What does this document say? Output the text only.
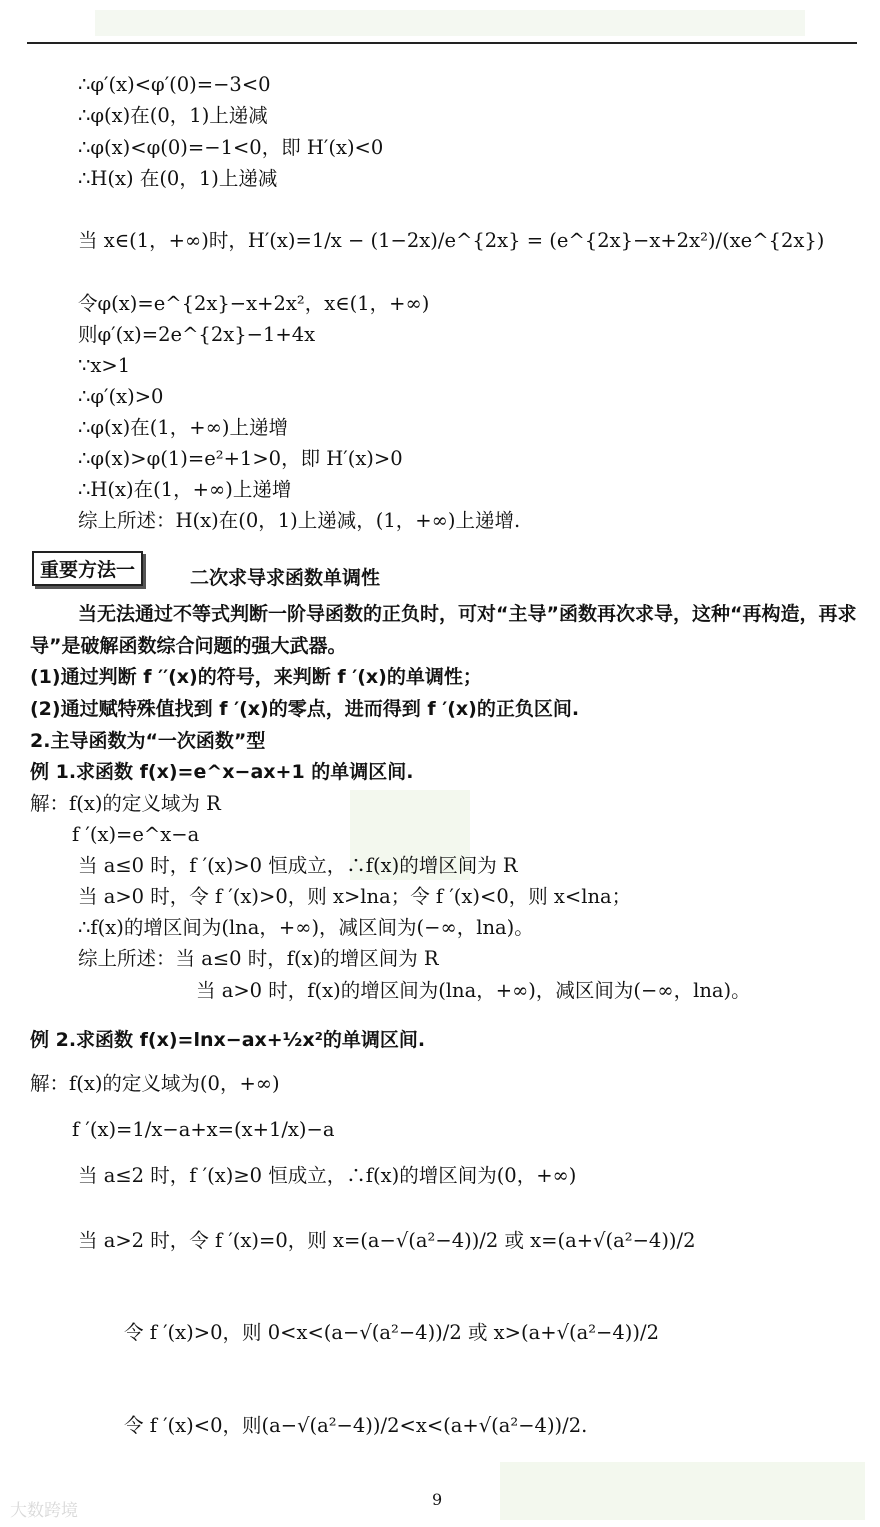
∴φ′(x)<φ′(0)=−3<0
∴φ(x)在(0，1)上递减
∴φ(x)<φ(0)=−1<0，即 H′(x)<0
∴H(x) 在(0，1)上递减
当 x∈(1，+∞)时，H′(x)=1/x − (1−2x)/e^{2x} = (e^{2x}−x+2x²)/(xe^{2x})
令φ(x)=e^{2x}−x+2x²，x∈(1，+∞)
则φ′(x)=2e^{2x}−1+4x
∵x>1
∴φ′(x)>0
∴φ(x)在(1，+∞)上递增
∴φ(x)>φ(1)=e²+1>0，即 H′(x)>0
∴H(x)在(1，+∞)上递增
综上所述：H(x)在(0，1)上递减，(1，+∞)上递增.
重要方法一	二次求导求函数单调性
当无法通过不等式判断一阶导函数的正负时，可对“主导”函数再次求导，这种“再构造，再求导”是破解函数综合问题的强大武器。
(1)通过判断 f ′′(x)的符号，来判断 f ′(x)的单调性；
(2)通过赋特殊值找到 f ′(x)的零点，进而得到 f ′(x)的正负区间.
2.主导函数为“一次函数”型
例 1.求函数 f(x)=e^x−ax+1 的单调区间.
解：f(x)的定义域为 R
f ′(x)=e^x−a
当 a≤0 时，f ′(x)>0 恒成立，∴f(x)的增区间为 R
当 a>0 时，令 f ′(x)>0，则 x>lna；令 f ′(x)<0，则 x<lna；
∴f(x)的增区间为(lna，+∞)，减区间为(−∞，lna)。
综上所述：当 a≤0 时，f(x)的增区间为 R
当 a>0 时，f(x)的增区间为(lna，+∞)，减区间为(−∞，lna)。
例 2.求函数 f(x)=lnx−ax+½x²的单调区间.
解：f(x)的定义域为(0，+∞)
f ′(x)=1/x−a+x=(x+1/x)−a
当 a≤2 时，f ′(x)≥0 恒成立，∴f(x)的增区间为(0，+∞)
当 a>2 时，令 f ′(x)=0，则 x=(a−√(a²−4))/2 或 x=(a+√(a²−4))/2
令 f ′(x)>0，则 0<x<(a−√(a²−4))/2 或 x>(a+√(a²−4))/2
令 f ′(x)<0，则(a−√(a²−4))/2<x<(a+√(a²−4))/2.
9
大数跨境
